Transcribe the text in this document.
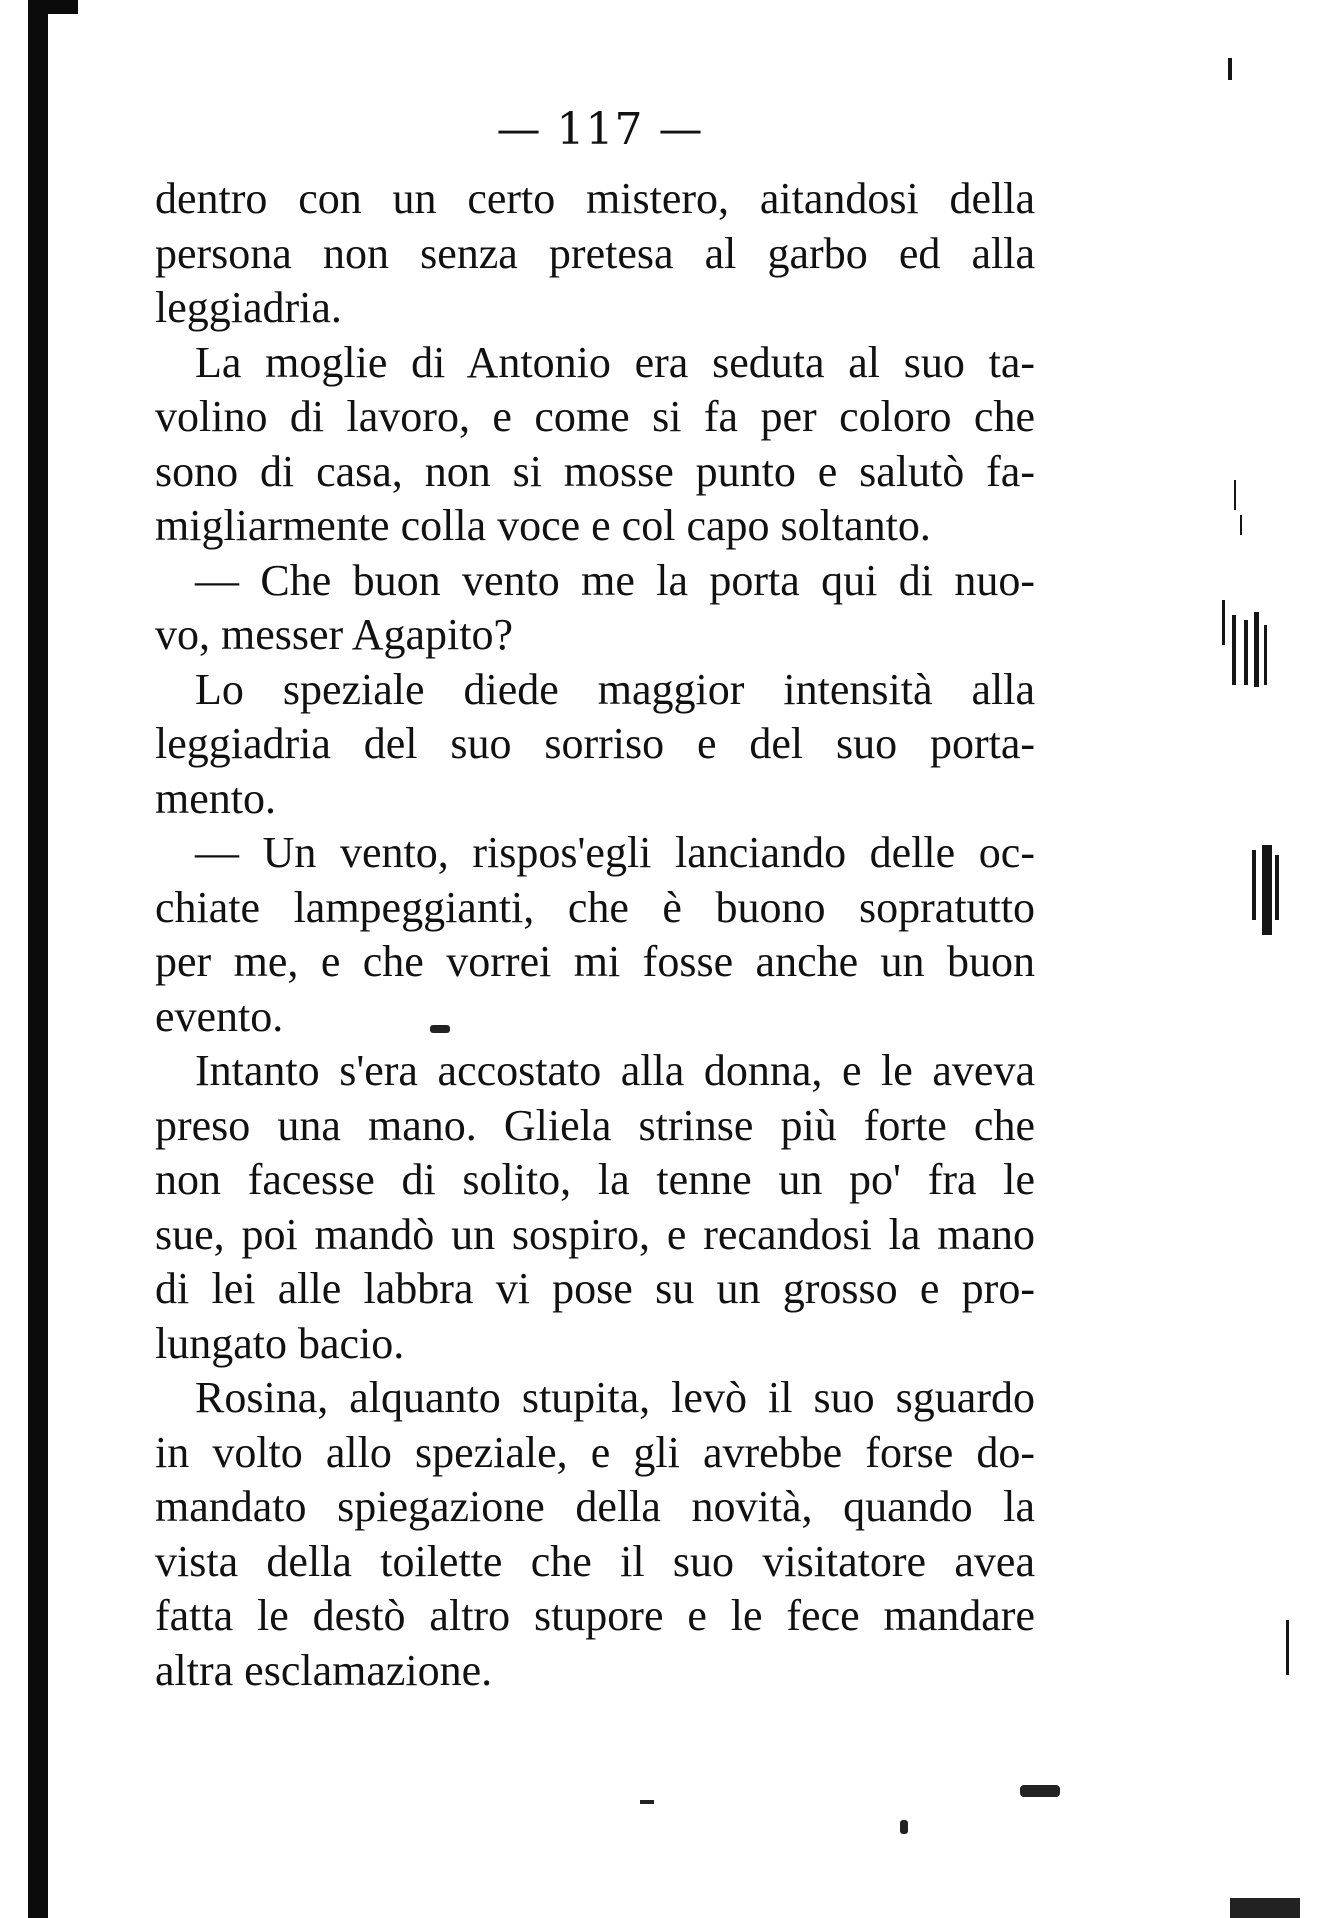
— 117 —
dentro con un certo mistero, aitandosi della
persona non senza pretesa al garbo ed alla
leggiadria.
La moglie di Antonio era seduta al suo ta-
volino di lavoro, e come si fa per coloro che
sono di casa, non si mosse punto e salutò fa-
migliarmente colla voce e col capo soltanto.
— Che buon vento me la porta qui di nuo-
vo, messer Agapito?
Lo speziale diede maggior intensità alla
leggiadria del suo sorriso e del suo porta-
mento.
— Un vento, rispos'egli lanciando delle oc-
chiate lampeggianti, che è buono sopratutto
per me, e che vorrei mi fosse anche un buon
evento.
Intanto s'era accostato alla donna, e le aveva
preso una mano. Gliela strinse più forte che
non facesse di solito, la tenne un po' fra le
sue, poi mandò un sospiro, e recandosi la mano
di lei alle labbra vi pose su un grosso e pro-
lungato bacio.
Rosina, alquanto stupita, levò il suo sguardo
in volto allo speziale, e gli avrebbe forse do-
mandato spiegazione della novità, quando la
vista della toilette che il suo visitatore avea
fatta le destò altro stupore e le fece mandare
altra esclamazione.
